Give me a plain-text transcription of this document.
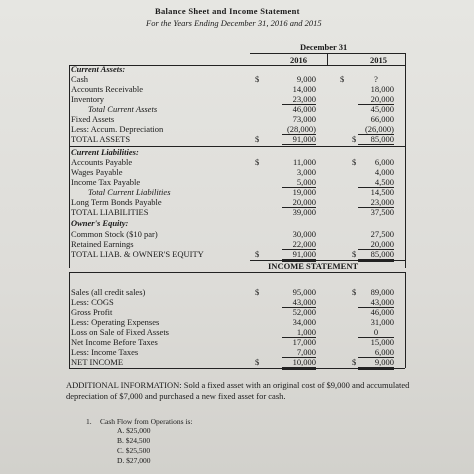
Balance Sheet and Income Statement
For the Years Ending December 31, 2016 and 2015
December 31
2016	2015
Current Assets:
Cash	$	9,000	$	?
Accounts Receivable	14,000	18,000
Inventory	23,000	20,000
Total Current Assets	46,000	45,000
Fixed Assets	73,000	66,000
Less: Accum. Depreciation	(28,000)	(26,000)
TOTAL ASSETS	$	91,000	$	85,000
Current Liabilities:
Accounts Payable	$	11,000	$	6,000
Wages Payable	3,000	4,000
Income Tax Payable	5,000	4,500
Total Current Liabilities	19,000	14,500
Long Term Bonds Payable	20,000	23,000
TOTAL LIABILITIES	39,000	37,500
Owner's Equity:
Common Stock ($10 par)	30,000	27,500
Retained Earnings	22,000	20,000
TOTAL LIAB. & OWNER'S EQUITY	$	91,000	$	85,000
INCOME STATEMENT
Sales (all credit sales)	$	95,000	$	89,000
Less: COGS	43,000	43,000
Gross Profit	52,000	46,000
Less: Operating Expenses	34,000	31,000
Loss on Sale of Fixed Assets	1,000	0
Net Income Before Taxes	17,000	15,000
Less: Income Taxes	7,000	6,000
NET INCOME	$	10,000	$	9,000
ADDITIONAL INFORMATION: Sold a fixed asset with an original cost of $9,000 and accumulated
depreciation of $7,000 and purchased a new fixed asset for cash.
1. Cash Flow from Operations is:
A. $25,000
B. $24,500
C. $25,500
D. $27,000
